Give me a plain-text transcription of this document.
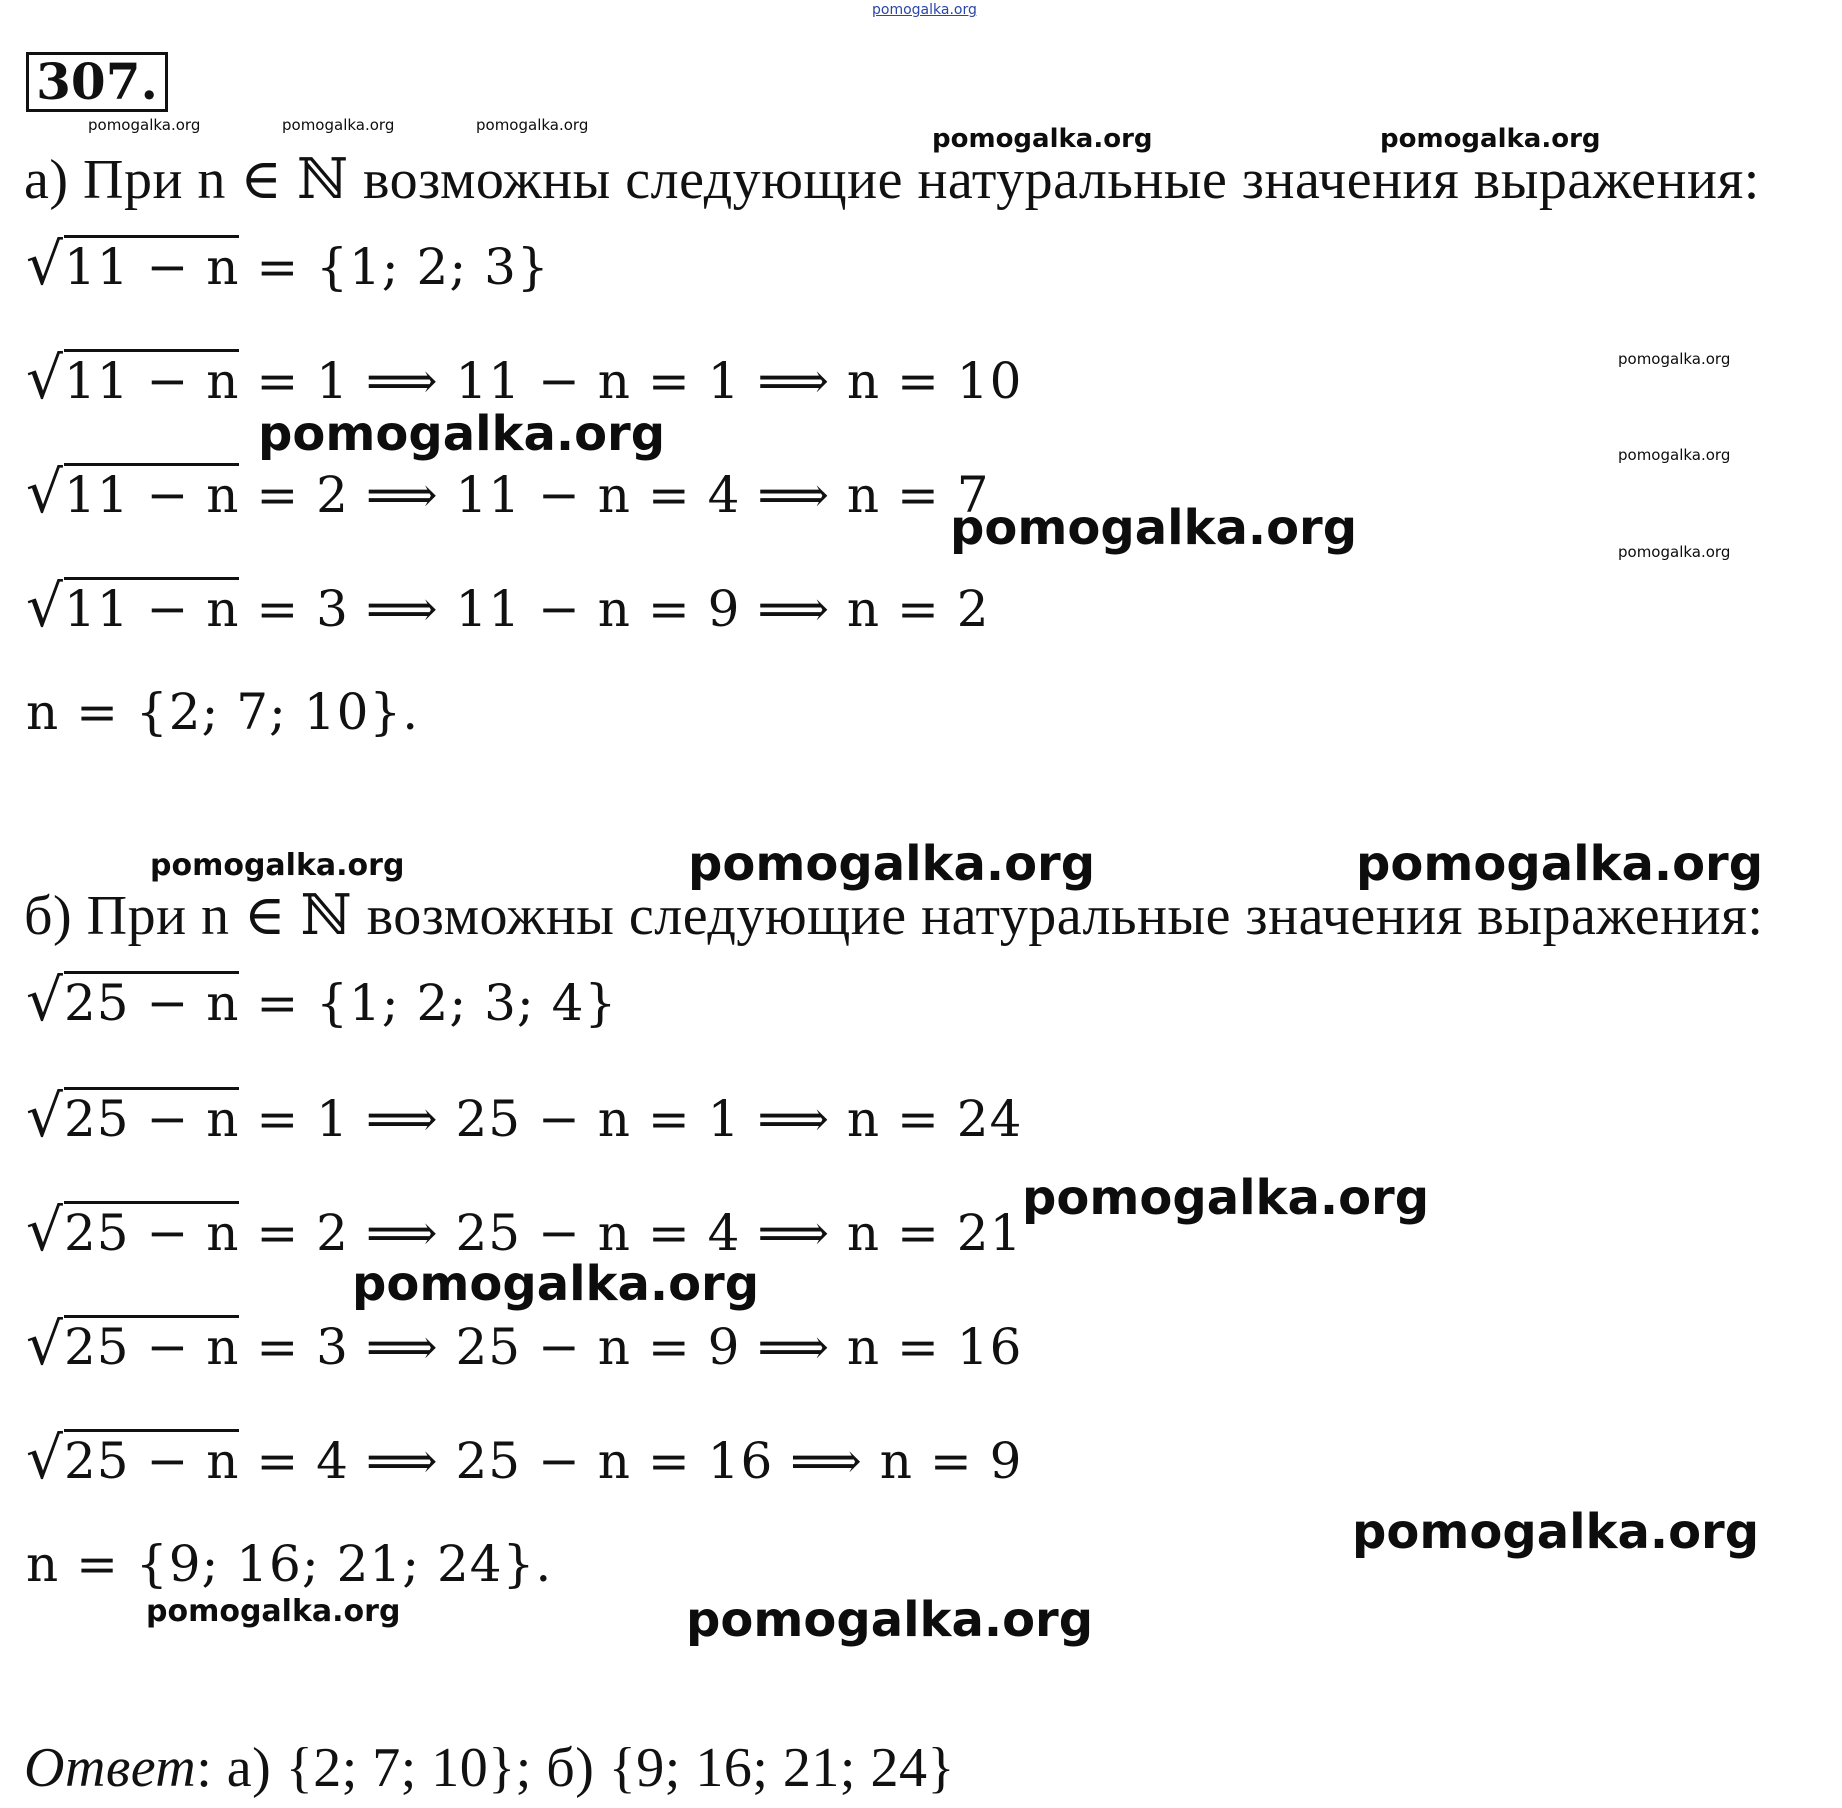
pomogalka.org
307.
pomogalka.org	pomogalka.org	pomogalka.org	pomogalka.org	pomogalka.org
а) При n ∈ ℕ возможны следующие натуральные значения выражения:
√11 − n = {1; 2; 3}
√11 − n = 1 ⟹ 11 − n = 1 ⟹ n = 10
√11 − n = 2 ⟹ 11 − n = 4 ⟹ n = 7
√11 − n = 3 ⟹ 11 − n = 9 ⟹ n = 2
n = {2; 7; 10}.
pomogalka.org
pomogalka.org
pomogalka.org
pomogalka.org
pomogalka.org
pomogalka.org	pomogalka.org	pomogalka.org
б) При n ∈ ℕ возможны следующие натуральные значения выражения:
√25 − n = {1; 2; 3; 4}
√25 − n = 1 ⟹ 25 − n = 1 ⟹ n = 24
√25 − n = 2 ⟹ 25 − n = 4 ⟹ n = 21
√25 − n = 3 ⟹ 25 − n = 9 ⟹ n = 16
√25 − n = 4 ⟹ 25 − n = 16 ⟹ n = 9
n = {9; 16; 21; 24}.
pomogalka.org
pomogalka.org
pomogalka.org
pomogalka.org	pomogalka.org
Ответ: а) {2; 7; 10}; б) {9; 16; 21; 24}
